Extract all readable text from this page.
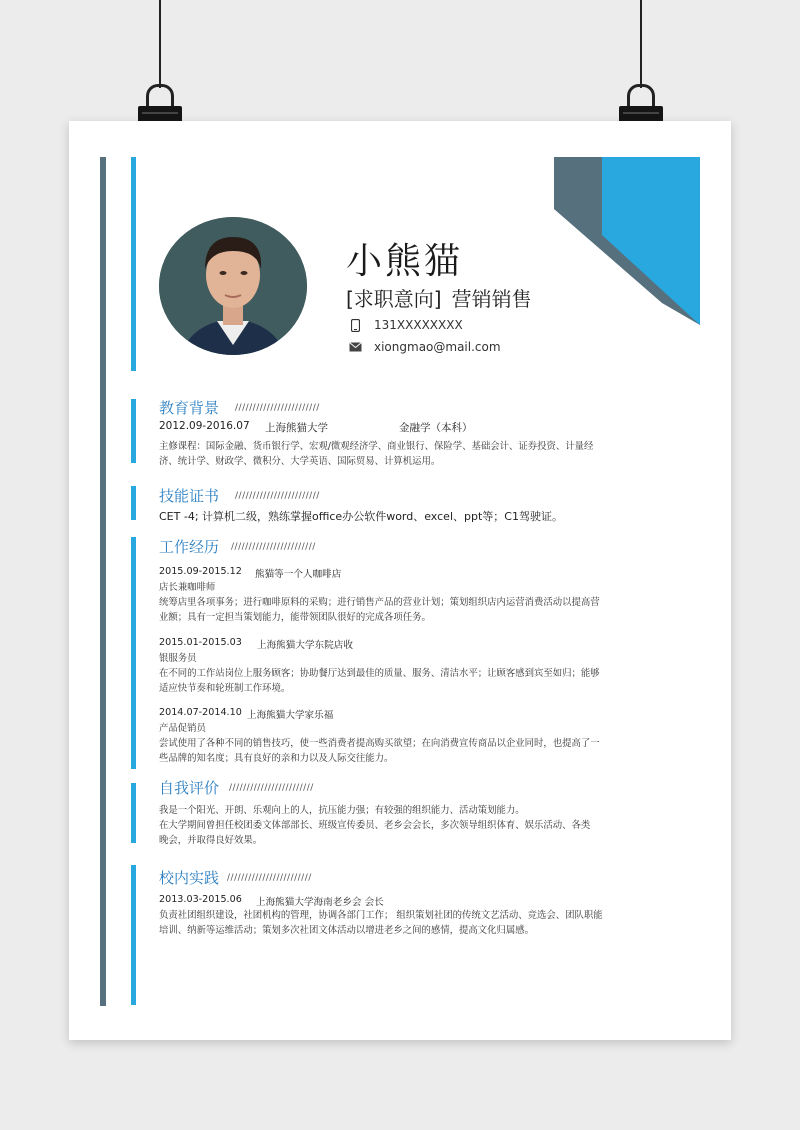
小熊猫
[求职意向] 营销销售
131XXXXXXXX
xiongmao@mail.com
教育背景 ////////////////////////
2012.09-2016.07 上海熊猫大学	金融学（本科）
主修课程：国际金融、货币银行学、宏观/微观经济学、商业银行、保险学、基础会计、证券投资、计量经
济、统计学、财政学、微积分、大学英语、国际贸易、计算机运用。
技能证书 ////////////////////////
CET -4; 计算机二级，熟练掌握office办公软件word、excel、ppt等；C1驾驶证。
工作经历 ////////////////////////
2015.09-2015.12 熊猫等一个人咖啡店
店长兼咖啡师
统筹店里各项事务；进行咖啡原料的采购；进行销售产品的营业计划；策划组织店内运营消费活动以提高营
业额；具有一定担当策划能力，能带领团队很好的完成各项任务。
2015.01-2015.03 上海熊猫大学东院店收
银服务员
在不同的工作站岗位上服务顾客；协助餐厅达到最佳的质量、服务、清洁水平；让顾客感到宾至如归；能够
适应快节奏和轮班制工作环境。
2014.07-2014.10 上海熊猫大学家乐福
产品促销员
尝试使用了各种不同的销售技巧，使一些消费者提高购买欲望；在向消费宣传商品以企业同时，也提高了一
些品牌的知名度；具有良好的亲和力以及人际交往能力。
自我评价 ////////////////////////
我是一个阳光、开朗、乐观向上的人，抗压能力强；有较强的组织能力、活动策划能力。
在大学期间曾担任校团委文体部部长、班级宣传委员、老乡会会长，多次领导组织体育、娱乐活动、各类
晚会，并取得良好效果。
校内实践 ////////////////////////
2013.03-2015.06 上海熊猫大学海南老乡会 会长
负责社团组织建设，社团机构的管理，协调各部门工作； 组织策划社团的传统文艺活动、竞选会、团队职能
培训、纳新等运维活动；策划多次社团文体活动以增进老乡之间的感情，提高文化归属感。
